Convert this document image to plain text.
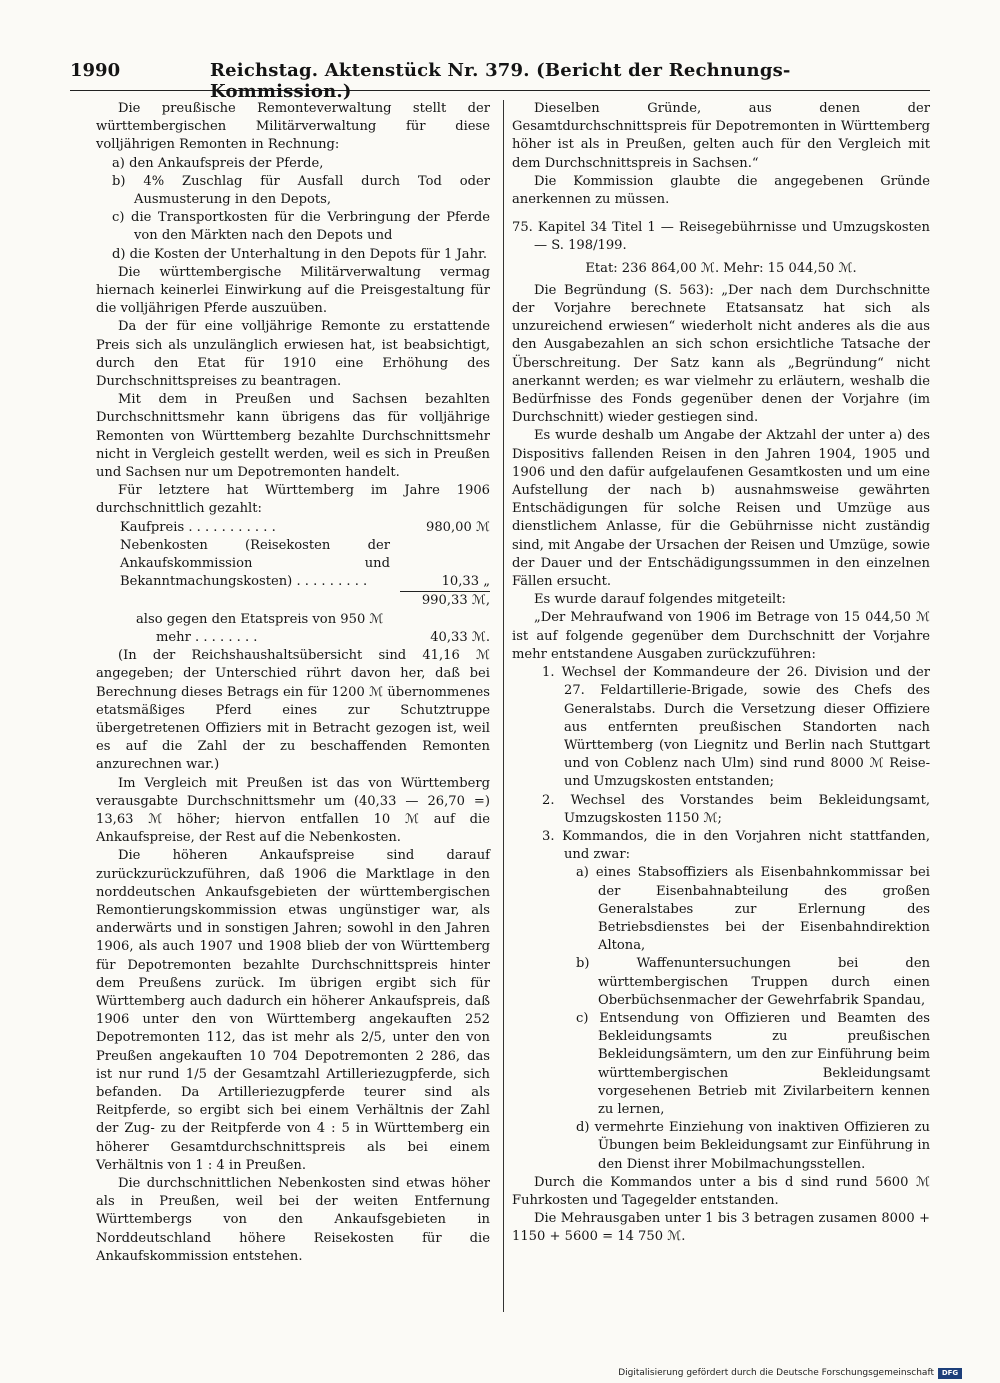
1990	Reichstag. Aktenstück Nr. 379. (Bericht der Rechnungs-Kommission.)

Die preußische Remonteverwaltung stellt der württembergischen Militärverwaltung für diese volljährigen Remonten in Rechnung:

a) den Ankaufspreis der Pferde,

b) 4% Zuschlag für Ausfall durch Tod oder Ausmusterung in den Depots,

c) die Transportkosten für die Verbringung der Pferde von den Märkten nach den Depots und

d) die Kosten der Unterhaltung in den Depots für 1 Jahr.

Die württembergische Militärverwaltung vermag hiernach keinerlei Einwirkung auf die Preisgestaltung für die volljährigen Pferde auszuüben.

Da der für eine volljährige Remonte zu erstattende Preis sich als unzulänglich erwiesen hat, ist beabsichtigt, durch den Etat für 1910 eine Erhöhung des Durchschnittspreises zu beantragen.

Mit dem in Preußen und Sachsen bezahlten Durchschnittsmehr kann übrigens das für volljährige Remonten von Württemberg bezahlte Durchschnittsmehr nicht in Vergleich gestellt werden, weil es sich in Preußen und Sachsen nur um Depotremonten handelt.

Für letztere hat Württemberg im Jahre 1906 durchschnittlich gezahlt:

Kaufpreis . . . . . . . . . . .	980,00 ℳ
Nebenkosten (Reisekosten der Ankaufskommission und Bekanntmachungskosten) . . . . . . . . .	10,33 „
990,33 ℳ,

also gegen den Etatspreis von 950 ℳ

mehr . . . . . . . .	40,33 ℳ.

(In der Reichshaushaltsübersicht sind 41,16 ℳ angegeben; der Unterschied rührt davon her, daß bei Berechnung dieses Betrags ein für 1200 ℳ übernommenes etatsmäßiges Pferd eines zur Schutztruppe übergetretenen Offiziers mit in Betracht gezogen ist, weil es auf die Zahl der zu beschaffenden Remonten anzurechnen war.)

Im Vergleich mit Preußen ist das von Württemberg verausgabte Durchschnittsmehr um (40,33 — 26,70 =) 13,63 ℳ höher; hiervon entfallen 10 ℳ auf die Ankaufspreise, der Rest auf die Nebenkosten.

Die höheren Ankaufspreise sind darauf zurückzurückzuführen, daß 1906 die Marktlage in den norddeutschen Ankaufsgebieten der württembergischen Remontierungskommission etwas ungünstiger war, als anderwärts und in sonstigen Jahren; sowohl in den Jahren 1906, als auch 1907 und 1908 blieb der von Württemberg für Depotremonten bezahlte Durchschnittspreis hinter dem Preußens zurück. Im übrigen ergibt sich für Württemberg auch dadurch ein höherer Ankaufspreis, daß 1906 unter den von Württemberg angekauften 252 Depotremonten 112, das ist mehr als 2/5, unter den von Preußen angekauften 10 704 Depotremonten 2 286, das ist nur rund 1/5 der Gesamtzahl Artilleriezugpferde, sich befanden. Da Artilleriezugpferde teurer sind als Reitpferde, so ergibt sich bei einem Verhältnis der Zahl der Zug- zu der Reitpferde von 4 : 5 in Württemberg ein höherer Gesamtdurchschnittspreis als bei einem Verhältnis von 1 : 4 in Preußen.

Die durchschnittlichen Nebenkosten sind etwas höher als in Preußen, weil bei der weiten Entfernung Württembergs von den Ankaufsgebieten in Norddeutschland höhere Reisekosten für die Ankaufskommission entstehen.

Dieselben Gründe, aus denen der Gesamtdurchschnittspreis für Depotremonten in Württemberg höher ist als in Preußen, gelten auch für den Vergleich mit dem Durchschnittspreis in Sachsen.“

Die Kommission glaubte die angegebenen Gründe anerkennen zu müssen.

75. Kapitel 34 Titel 1 — Reisegebührnisse und Umzugskosten — S. 198/199.

Etat: 236 864,00 ℳ. Mehr: 15 044,50 ℳ.

Die Begründung (S. 563): „Der nach dem Durchschnitte der Vorjahre berechnete Etatsansatz hat sich als unzureichend erwiesen“ wiederholt nicht anderes als die aus den Ausgabezahlen an sich schon ersichtliche Tatsache der Überschreitung. Der Satz kann als „Begründung“ nicht anerkannt werden; es war vielmehr zu erläutern, weshalb die Bedürfnisse des Fonds gegenüber denen der Vorjahre (im Durchschnitt) wieder gestiegen sind.

Es wurde deshalb um Angabe der Aktzahl der unter a) des Dispositivs fallenden Reisen in den Jahren 1904, 1905 und 1906 und den dafür aufgelaufenen Gesamtkosten und um eine Aufstellung der nach b) ausnahmsweise gewährten Entschädigungen für solche Reisen und Umzüge aus dienstlichem Anlasse, für die Gebührnisse nicht zuständig sind, mit Angabe der Ursachen der Reisen und Umzüge, sowie der Dauer und der Entschädigungssummen in den einzelnen Fällen ersucht.

Es wurde darauf folgendes mitgeteilt:

„Der Mehraufwand von 1906 im Betrage von 15 044,50 ℳ ist auf folgende gegenüber dem Durchschnitt der Vorjahre mehr entstandene Ausgaben zurückzuführen:

1. Wechsel der Kommandeure der 26. Division und der 27. Feldartillerie-Brigade, sowie des Chefs des Generalstabs. Durch die Versetzung dieser Offiziere aus entfernten preußischen Standorten nach Württemberg (von Liegnitz und Berlin nach Stuttgart und von Coblenz nach Ulm) sind rund 8000 ℳ Reise- und Umzugskosten entstanden;

2. Wechsel des Vorstandes beim Bekleidungsamt, Umzugskosten 1150 ℳ;

3. Kommandos, die in den Vorjahren nicht stattfanden, und zwar:

a) eines Stabsoffiziers als Eisenbahnkommissar bei der Eisenbahnabteilung des großen Generalstabes zur Erlernung des Betriebsdienstes bei der Eisenbahndirektion Altona,

b) Waffenuntersuchungen bei den württembergischen Truppen durch einen Oberbüchsenmacher der Gewehrfabrik Spandau,

c) Entsendung von Offizieren und Beamten des Bekleidungsamts zu preußischen Bekleidungsämtern, um den zur Einführung beim württembergischen Bekleidungsamt vorgesehenen Betrieb mit Zivilarbeitern kennen zu lernen,

d) vermehrte Einziehung von inaktiven Offizieren zu Übungen beim Bekleidungsamt zur Einführung in den Dienst ihrer Mobilmachungsstellen.

Durch die Kommandos unter a bis d sind rund 5600 ℳ Fuhrkosten und Tagegelder entstanden.

Die Mehrausgaben unter 1 bis 3 betragen zusamen 8000 + 1150 + 5600 = 14 750 ℳ.

Digitalisierung gefördert durch die Deutsche Forschungsgemeinschaft	DFG
